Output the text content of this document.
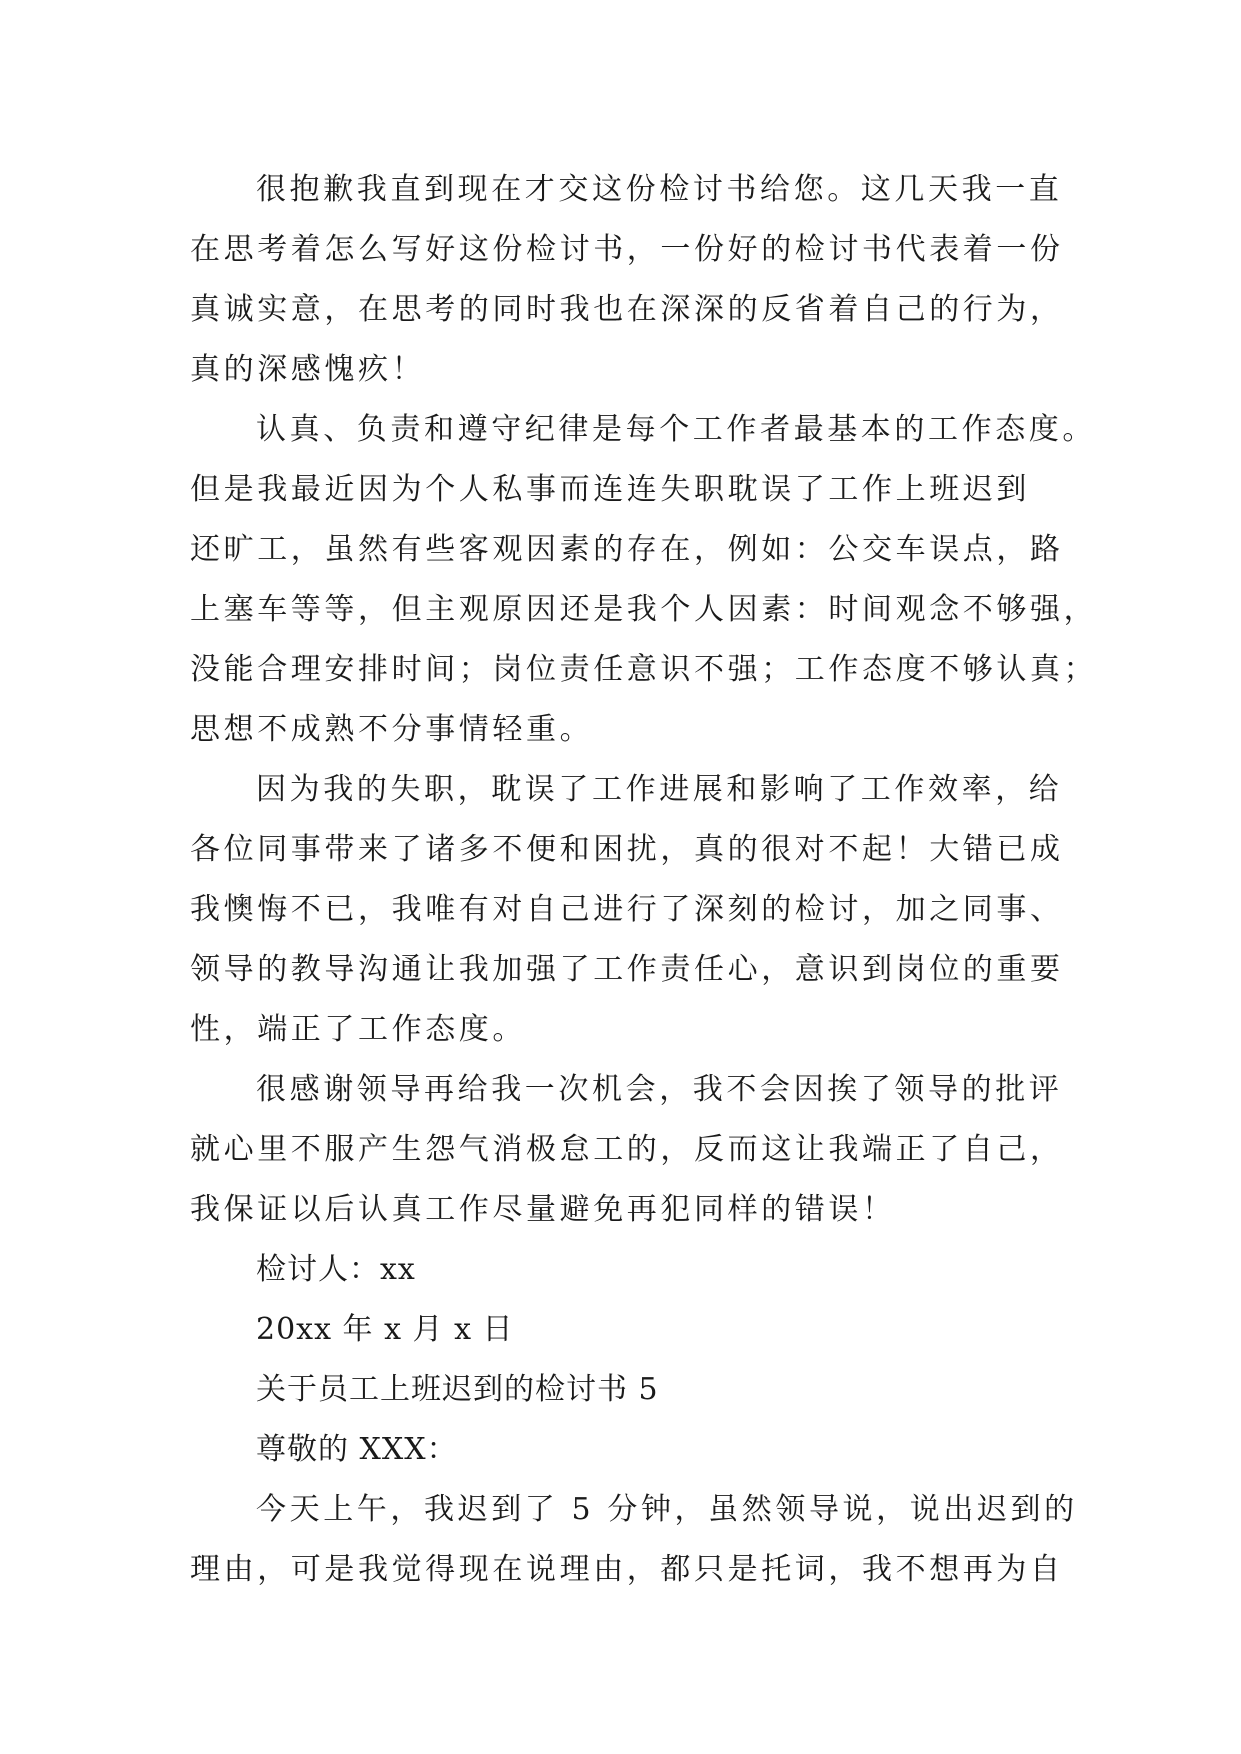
很抱歉我直到现在才交这份检讨书给您。这几天我一直
在思考着怎么写好这份检讨书，一份好的检讨书代表着一份
真诚实意，在思考的同时我也在深深的反省着自己的行为，
真的深感愧疚！
认真、负责和遵守纪律是每个工作者最基本的工作态度。
但是我最近因为个人私事而连连失职耽误了工作上班迟到
还旷工，虽然有些客观因素的存在，例如：公交车误点，路
上塞车等等，但主观原因还是我个人因素：时间观念不够强，
没能合理安排时间；岗位责任意识不强；工作态度不够认真；
思想不成熟不分事情轻重。
因为我的失职，耽误了工作进展和影响了工作效率，给
各位同事带来了诸多不便和困扰，真的很对不起！大错已成
我懊悔不已，我唯有对自己进行了深刻的检讨，加之同事、
领导的教导沟通让我加强了工作责任心，意识到岗位的重要
性，端正了工作态度。
很感谢领导再给我一次机会，我不会因挨了领导的批评
就心里不服产生怨气消极怠工的，反而这让我端正了自己，
我保证以后认真工作尽量避免再犯同样的错误！
检讨人：xx
20xx 年 x 月 x 日
关于员工上班迟到的检讨书 5
尊敬的 XXX：
今天上午，我迟到了 5 分钟，虽然领导说，说出迟到的
理由，可是我觉得现在说理由，都只是托词，我不想再为自
